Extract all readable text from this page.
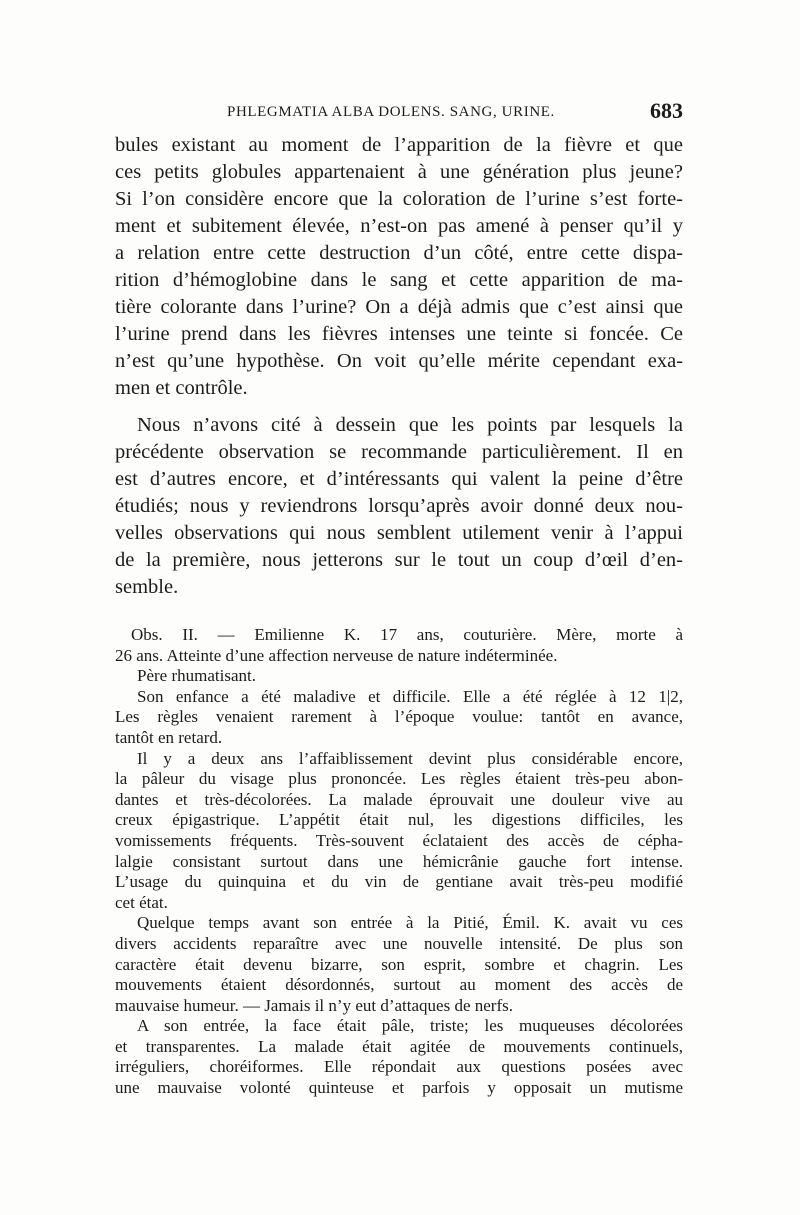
PHLEGMATIA ALBA DOLENS. SANG, URINE.	683

bules existant au moment de l’apparition de la fièvre et que

ces petits globules appartenaient à une génération plus jeune?

Si l’on considère encore que la coloration de l’urine s’est forte-

ment et subitement élevée, n’est-on pas amené à penser qu’il y

a relation entre cette destruction d’un côté, entre cette dispa-

rition d’hémoglobine dans le sang et cette apparition de ma-

tière colorante dans l’urine? On a déjà admis que c’est ainsi que

l’urine prend dans les fièvres intenses une teinte si foncée. Ce

n’est qu’une hypothèse. On voit qu’elle mérite cependant exa-

men et contrôle.

Nous n’avons cité à dessein que les points par lesquels la

précédente observation se recommande particulièrement. Il en

est d’autres encore, et d’intéressants qui valent la peine d’être

étudiés; nous y reviendrons lorsqu’après avoir donné deux nou-

velles observations qui nous semblent utilement venir à l’appui

de la première, nous jetterons sur le tout un coup d’œil d’en-

semble.

Obs. II. — Emilienne K. 17 ans, couturière. Mère, morte à

26 ans. Atteinte d’une affection nerveuse de nature indéterminée.

Père rhumatisant.

Son enfance a été maladive et difficile. Elle a été réglée à 12 1|2,

Les règles venaient rarement à l’époque voulue: tantôt en avance,

tantôt en retard.

Il y a deux ans l’affaiblissement devint plus considérable encore,

la pâleur du visage plus prononcée. Les règles étaient très-peu abon-

dantes et très-décolorées. La malade éprouvait une douleur vive au

creux épigastrique. L’appétit était nul, les digestions difficiles, les

vomissements fréquents. Très-souvent éclataient des accès de cépha-

lalgie consistant surtout dans une hémicrânie gauche fort intense.

L’usage du quinquina et du vin de gentiane avait très-peu modifié

cet état.

Quelque temps avant son entrée à la Pitié, Émil. K. avait vu ces

divers accidents reparaître avec une nouvelle intensité. De plus son

caractère était devenu bizarre, son esprit, sombre et chagrin. Les

mouvements étaient désordonnés, surtout au moment des accès de

mauvaise humeur. — Jamais il n’y eut d’attaques de nerfs.

A son entrée, la face était pâle, triste; les muqueuses décolorées

et transparentes. La malade était agitée de mouvements continuels,

irréguliers, choréiformes. Elle répondait aux questions posées avec

une mauvaise volonté quinteuse et parfois y opposait un mutisme
